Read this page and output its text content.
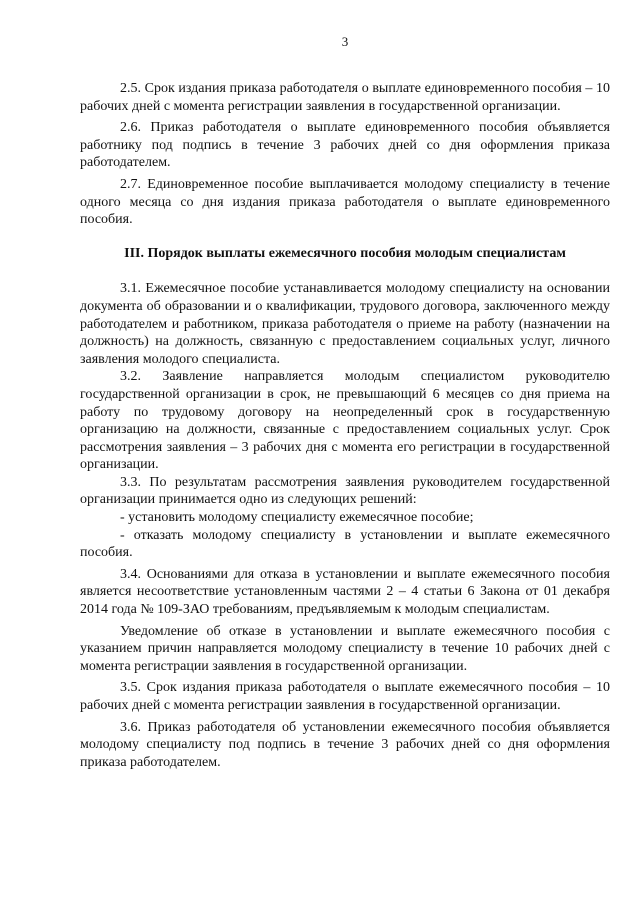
3

2.5. Срок издания приказа работодателя о выплате единовременного пособия – 10 рабочих дней с момента регистрации заявления в государственной организации.

2.6. Приказ работодателя о выплате единовременного пособия объявляется работнику под подпись в течение 3 рабочих дней со дня оформления приказа работодателем.

2.7. Единовременное пособие выплачивается молодому специалисту в течение одного месяца со дня издания приказа работодателя о выплате единовременного пособия.

III. Порядок выплаты ежемесячного пособия молодым специалистам

3.1. Ежемесячное пособие устанавливается молодому специалисту на основании документа об образовании и о квалификации, трудового договора, заключенного между работодателем и работником, приказа работодателя о приеме на работу (назначении на должность) на должность, связанную с предоставлением социальных услуг, личного заявления молодого специалиста.

3.2. Заявление направляется молодым специалистом руководителю государственной организации в срок, не превышающий 6 месяцев со дня приема на работу по трудовому договору на неопределенный срок в государственную организацию на должности, связанные с предоставлением социальных услуг. Срок рассмотрения заявления – 3 рабочих дня с момента его регистрации в государственной организации.

3.3. По результатам рассмотрения заявления руководителем государственной организации принимается одно из следующих решений:

- установить молодому специалисту ежемесячное пособие;

- отказать молодому специалисту в установлении и выплате ежемесячного пособия.

3.4. Основаниями для отказа в установлении и выплате ежемесячного пособия является несоответствие установленным частями 2 – 4 статьи 6 Закона от 01 декабря 2014 года № 109-ЗАО требованиям, предъявляемым к молодым специалистам.

Уведомление об отказе в установлении и выплате ежемесячного пособия с указанием причин направляется молодому специалисту в течение 10 рабочих дней с момента регистрации заявления в государственной организации.

3.5. Срок издания приказа работодателя о выплате ежемесячного пособия – 10 рабочих дней с момента регистрации заявления в государственной организации.

3.6. Приказ работодателя об установлении ежемесячного пособия объявляется молодому специалисту под подпись в течение 3 рабочих дней со дня оформления приказа работодателем.
